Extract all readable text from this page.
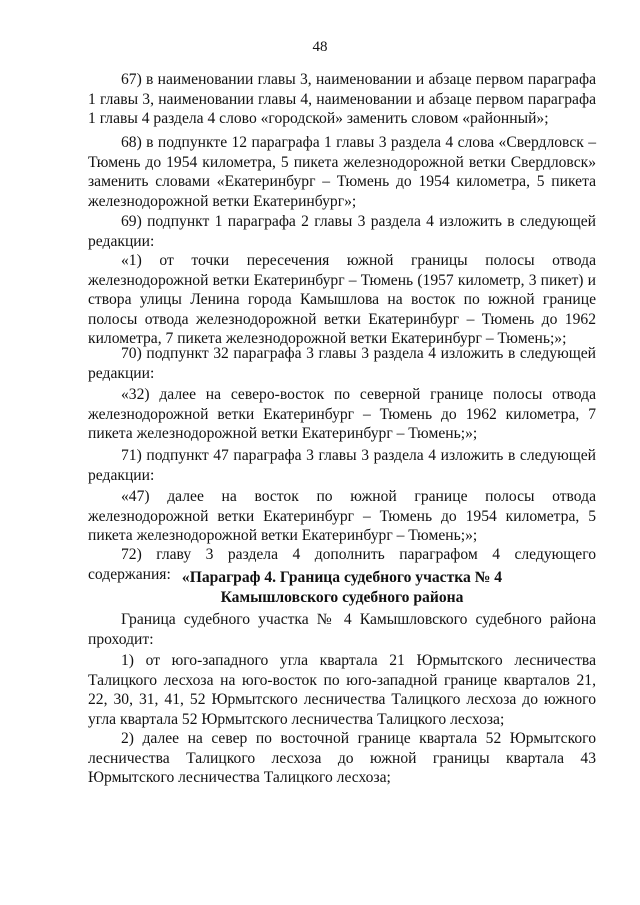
48
67) в наименовании главы 3, наименовании и абзаце первом параграфа 1 главы 3, наименовании главы 4, наименовании и абзаце первом параграфа 1 главы 4 раздела 4 слово «городской» заменить словом «районный»;
68) в подпункте 12 параграфа 1 главы 3 раздела 4 слова «Свердловск – Тюмень до 1954 километра, 5 пикета железнодорожной ветки Свердловск» заменить словами «Екатеринбург – Тюмень до 1954 километра, 5 пикета железнодорожной ветки Екатеринбург»;
69) подпункт 1 параграфа 2 главы 3 раздела 4 изложить в следующей редакции:
«1) от точки пересечения южной границы полосы отвода железнодорожной ветки Екатеринбург – Тюмень (1957 километр, 3 пикет) и створа улицы Ленина города Камышлова на восток по южной границе полосы отвода железнодорожной ветки Екатеринбург – Тюмень до 1962 километра, 7 пикета железнодорожной ветки Екатеринбург – Тюмень;»;
70) подпункт 32 параграфа 3 главы 3 раздела 4 изложить в следующей редакции:
«32) далее на северо-восток по северной границе полосы отвода железнодорожной ветки Екатеринбург – Тюмень до 1962 километра, 7 пикета железнодорожной ветки Екатеринбург – Тюмень;»;
71) подпункт 47 параграфа 3 главы 3 раздела 4 изложить в следующей редакции:
«47) далее на восток по южной границе полосы отвода железнодорожной ветки Екатеринбург – Тюмень до 1954 километра, 5 пикета железнодорожной ветки Екатеринбург – Тюмень;»;
72) главу 3 раздела 4 дополнить параграфом 4 следующего содержания: «Параграф 4. Граница судебного участка № 4
Камышловского судебного района
Граница судебного участка № 4 Камышловского судебного района проходит:
1) от юго-западного угла квартала 21 Юрмытского лесничества Талицкого лесхоза на юго-восток по юго-западной границе кварталов 21, 22, 30, 31, 41, 52 Юрмытского лесничества Талицкого лесхоза до южного угла квартала 52 Юрмытского лесничества Талицкого лесхоза;
2) далее на север по восточной границе квартала 52 Юрмытского лесничества Талицкого лесхоза до южной границы квартала 43 Юрмытского лесничества Талицкого лесхоза;
